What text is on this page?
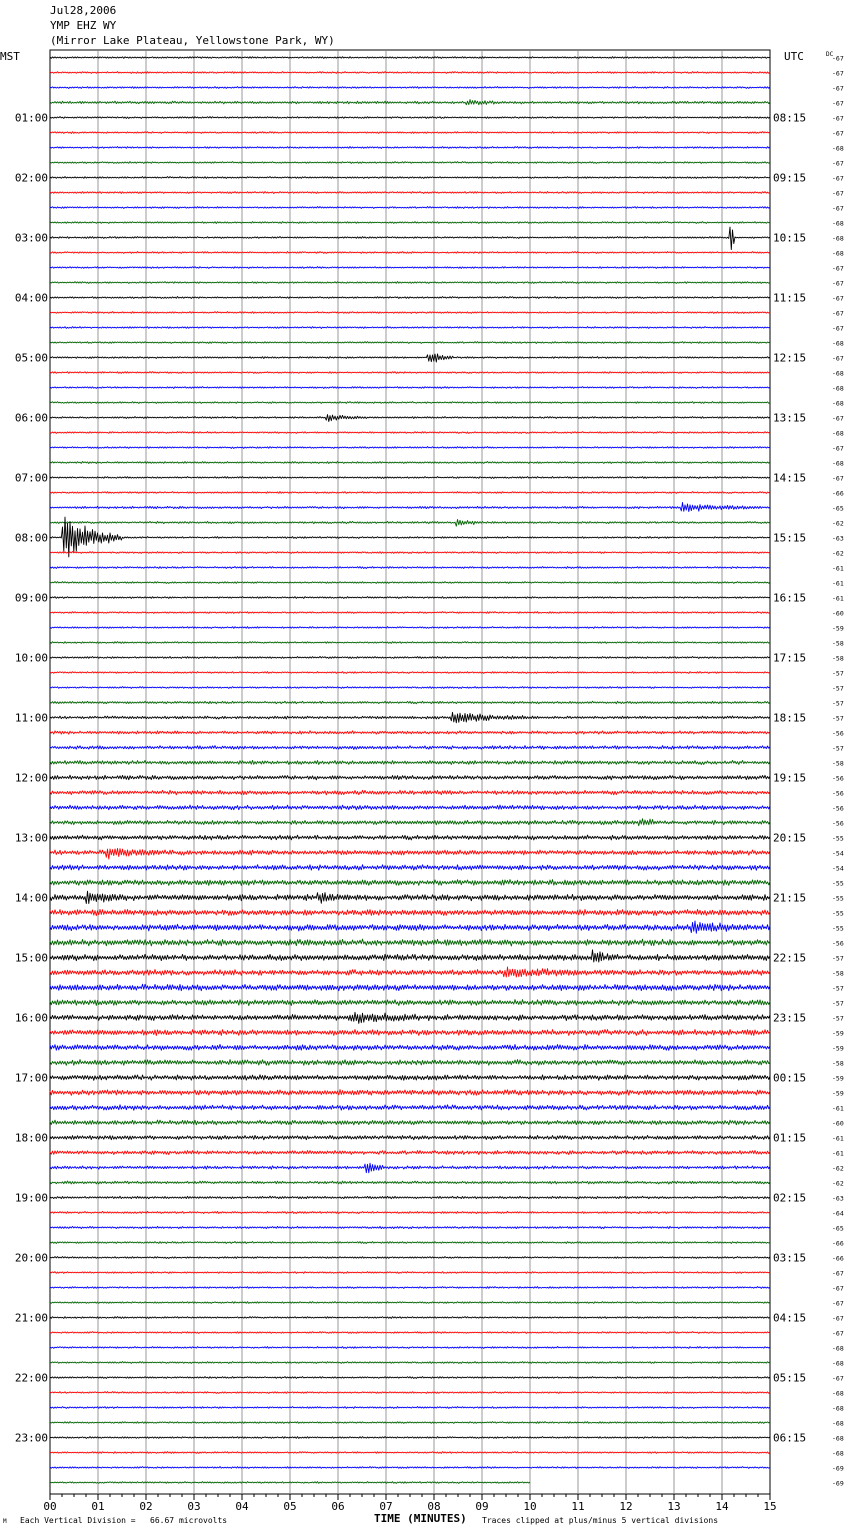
Jul28,2006
YMP EHZ WY
(Mirror Lake Plateau, Yellowstone Park, WY)
00	01	02	03	04	05	06	07	08	09	10	11	12	13	14	15
MST	UTC	DC
01:00
02:00
03:00
04:00
05:00
06:00
07:00
08:00
09:00
10:00
11:00
12:00
13:00
14:00
15:00
16:00
17:00
18:00
19:00
20:00
21:00
22:00
23:00
08:15
09:15
10:15
11:15
12:15
13:15
14:15
15:15
16:15
17:15
18:15
19:15
20:15
21:15
22:15
23:15
00:15
01:15
02:15
03:15
04:15
05:15
06:15
-67
-67
-67
-67
-67
-67
-68
-67
-67
-67
-67
-68
-68
-68
-67
-67
-67
-67
-67
-68
-67
-68
-68
-68
-67
-68
-67
-68
-67
-66
-65
-62
-63
-62
-61
-61
-61
-60
-59
-58
-58
-57
-57
-57
-57
-56
-57
-58
-56
-56
-56
-56
-55
-54
-54
-55
-55
-55
-55
-56
-57
-58
-57
-57
-57
-59
-59
-58
-59
-59
-61
-60
-61
-61
-62
-62
-63
-64
-65
-66
-66
-67
-67
-67
-67
-67
-68
-68
-67
-68
-68
-68
-68
-68
-69
-69
TIME (MINUTES)
M Each Vertical Division =   66.67 microvolts	Traces clipped at plus/minus 5 vertical divisions
